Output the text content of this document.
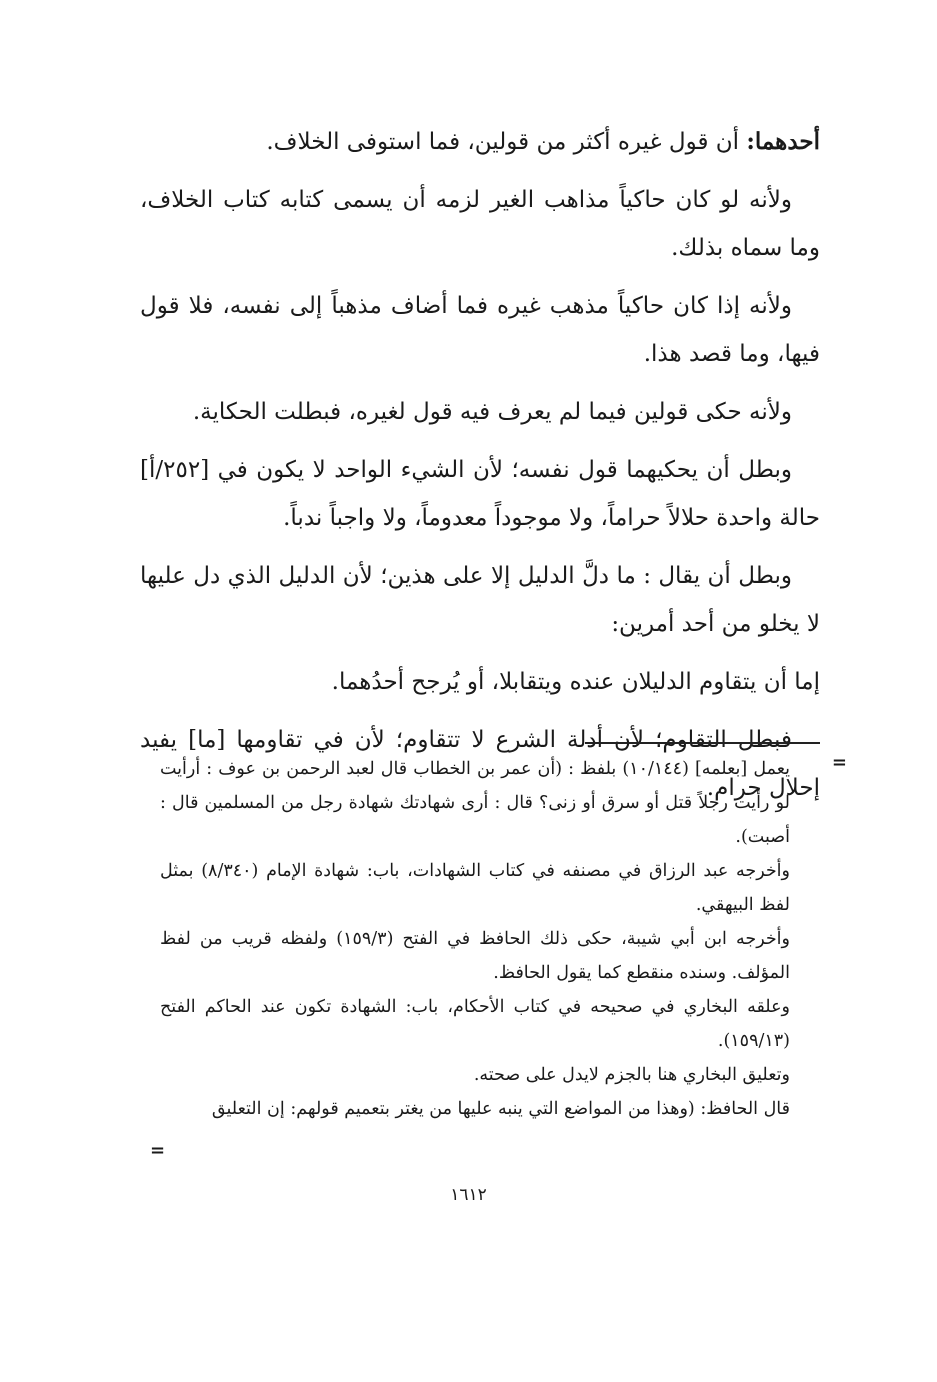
أحدهما: أن قول غيره أكثر من قولين، فما استوفى الخلاف.

ولأنه لو كان حاكياً مذاهب الغير لزمه أن يسمى كتابه كتاب الخلاف، وما سماه بذلك.

ولأنه إذا كان حاكياً مذهب غيره فما أضاف مذهباً إلى نفسه، فلا قول فيها، وما قصد هذا.

ولأنه حكى قولين فيما لم يعرف فيه قول لغيره، فبطلت الحكاية.

وبطل أن يحكيهما قول نفسه؛ لأن الشيء الواحد لا يكون في [٢٥٢/أ] حالة واحدة حلالاً حراماً، ولا موجوداً معدوماً، ولا واجباً ندباً.

وبطل أن يقال : ما دلَّ الدليل إلا على هذين؛ لأن الدليل الذي دل عليها لا يخلو من أحد أمرين:

إما أن يتقاوم الدليلان عنده ويتقابلا، أو يُرجح أحدُهما.

فبطل التقاوم؛ لأن أدلة الشرع لا تتقاوم؛ لأن في تقاومها [ما] يفيد إحلال حرام.

=

يعمل [بعلمه] (١٠/١٤٤) بلفظ : (أن عمر بن الخطاب قال لعبد الرحمن بن عوف : أرأيت لو رأيت رجلاً قتل أو سرق أو زنى؟ قال : أرى شهادتك شهادة رجل من المسلمين قال : أصبت).

وأخرجه عبد الرزاق في مصنفه في كتاب الشهادات، باب: شهادة الإمام (٨/٣٤٠) بمثل لفظ البيهقي.

وأخرجه ابن أبي شيبة، حكى ذلك الحافظ في الفتح (١٥٩/٣) ولفظه قريب من لفظ المؤلف. وسنده منقطع كما يقول الحافظ.

وعلقه البخاري في صحيحه في كتاب الأحكام، باب: الشهادة تكون عند الحاكم الفتح (١٥٩/١٣).

وتعليق البخاري هنا بالجزم لايدل على صحته.

قال الحافظ: (وهذا من المواضع التي ينبه عليها من يغتر بتعميم قولهم: إن التعليق

=
١٦١٢
